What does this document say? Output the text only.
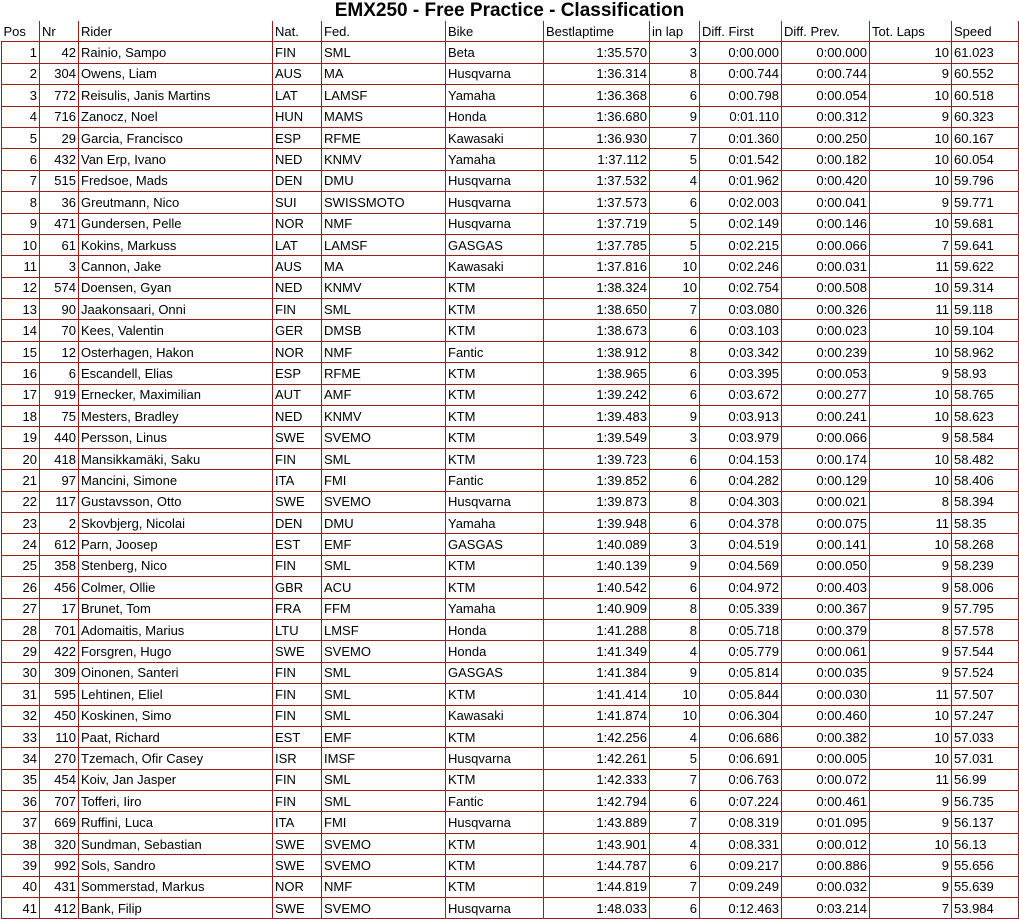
EMX250 - Free Practice - Classification
Pos	Nr	Rider	Nat.	Fed.	Bike	Bestlaptime	in lap	Diff. First	Diff. Prev.	Tot. Laps	Speed
1	42	Rainio, Sampo	FIN	SML	Beta	1:35.570	3	0:00.000	0:00.000	10	61.023
2	304	Owens, Liam	AUS	MA	Husqvarna	1:36.314	8	0:00.744	0:00.744	9	60.552
3	772	Reisulis, Janis Martins	LAT	LAMSF	Yamaha	1:36.368	6	0:00.798	0:00.054	10	60.518
4	716	Zanocz, Noel	HUN	MAMS	Honda	1:36.680	9	0:01.110	0:00.312	9	60.323
5	29	Garcia, Francisco	ESP	RFME	Kawasaki	1:36.930	7	0:01.360	0:00.250	10	60.167
6	432	Van Erp, Ivano	NED	KNMV	Yamaha	1:37.112	5	0:01.542	0:00.182	10	60.054
7	515	Fredsoe, Mads	DEN	DMU	Husqvarna	1:37.532	4	0:01.962	0:00.420	10	59.796
8	36	Greutmann, Nico	SUI	SWISSMOTO	Husqvarna	1:37.573	6	0:02.003	0:00.041	9	59.771
9	471	Gundersen, Pelle	NOR	NMF	Husqvarna	1:37.719	5	0:02.149	0:00.146	10	59.681
10	61	Kokins, Markuss	LAT	LAMSF	GASGAS	1:37.785	5	0:02.215	0:00.066	7	59.641
11	3	Cannon, Jake	AUS	MA	Kawasaki	1:37.816	10	0:02.246	0:00.031	11	59.622
12	574	Doensen, Gyan	NED	KNMV	KTM	1:38.324	10	0:02.754	0:00.508	10	59.314
13	90	Jaakonsaari, Onni	FIN	SML	KTM	1:38.650	7	0:03.080	0:00.326	11	59.118
14	70	Kees, Valentin	GER	DMSB	KTM	1:38.673	6	0:03.103	0:00.023	10	59.104
15	12	Osterhagen, Hakon	NOR	NMF	Fantic	1:38.912	8	0:03.342	0:00.239	10	58.962
16	6	Escandell, Elias	ESP	RFME	KTM	1:38.965	6	0:03.395	0:00.053	9	58.93
17	919	Ernecker, Maximilian	AUT	AMF	KTM	1:39.242	6	0:03.672	0:00.277	10	58.765
18	75	Mesters, Bradley	NED	KNMV	KTM	1:39.483	9	0:03.913	0:00.241	10	58.623
19	440	Persson, Linus	SWE	SVEMO	KTM	1:39.549	3	0:03.979	0:00.066	9	58.584
20	418	Mansikkamäki, Saku	FIN	SML	KTM	1:39.723	6	0:04.153	0:00.174	10	58.482
21	97	Mancini, Simone	ITA	FMI	Fantic	1:39.852	6	0:04.282	0:00.129	10	58.406
22	117	Gustavsson, Otto	SWE	SVEMO	Husqvarna	1:39.873	8	0:04.303	0:00.021	8	58.394
23	2	Skovbjerg, Nicolai	DEN	DMU	Yamaha	1:39.948	6	0:04.378	0:00.075	11	58.35
24	612	Parn, Joosep	EST	EMF	GASGAS	1:40.089	3	0:04.519	0:00.141	10	58.268
25	358	Stenberg, Nico	FIN	SML	KTM	1:40.139	9	0:04.569	0:00.050	9	58.239
26	456	Colmer, Ollie	GBR	ACU	KTM	1:40.542	6	0:04.972	0:00.403	9	58.006
27	17	Brunet, Tom	FRA	FFM	Yamaha	1:40.909	8	0:05.339	0:00.367	9	57.795
28	701	Adomaitis, Marius	LTU	LMSF	Honda	1:41.288	8	0:05.718	0:00.379	8	57.578
29	422	Forsgren, Hugo	SWE	SVEMO	Honda	1:41.349	4	0:05.779	0:00.061	9	57.544
30	309	Oinonen, Santeri	FIN	SML	GASGAS	1:41.384	9	0:05.814	0:00.035	9	57.524
31	595	Lehtinen, Eliel	FIN	SML	KTM	1:41.414	10	0:05.844	0:00.030	11	57.507
32	450	Koskinen, Simo	FIN	SML	Kawasaki	1:41.874	10	0:06.304	0:00.460	10	57.247
33	110	Paat, Richard	EST	EMF	KTM	1:42.256	4	0:06.686	0:00.382	10	57.033
34	270	Tzemach, Ofir Casey	ISR	IMSF	Husqvarna	1:42.261	5	0:06.691	0:00.005	10	57.031
35	454	Koiv, Jan Jasper	FIN	SML	KTM	1:42.333	7	0:06.763	0:00.072	11	56.99
36	707	Tofferi, Iiro	FIN	SML	Fantic	1:42.794	6	0:07.224	0:00.461	9	56.735
37	669	Ruffini, Luca	ITA	FMI	Husqvarna	1:43.889	7	0:08.319	0:01.095	9	56.137
38	320	Sundman, Sebastian	SWE	SVEMO	KTM	1:43.901	4	0:08.331	0:00.012	10	56.13
39	992	Sols, Sandro	SWE	SVEMO	KTM	1:44.787	6	0:09.217	0:00.886	9	55.656
40	431	Sommerstad, Markus	NOR	NMF	KTM	1:44.819	7	0:09.249	0:00.032	9	55.639
41	412	Bank, Filip	SWE	SVEMO	Husqvarna	1:48.033	6	0:12.463	0:03.214	7	53.984
